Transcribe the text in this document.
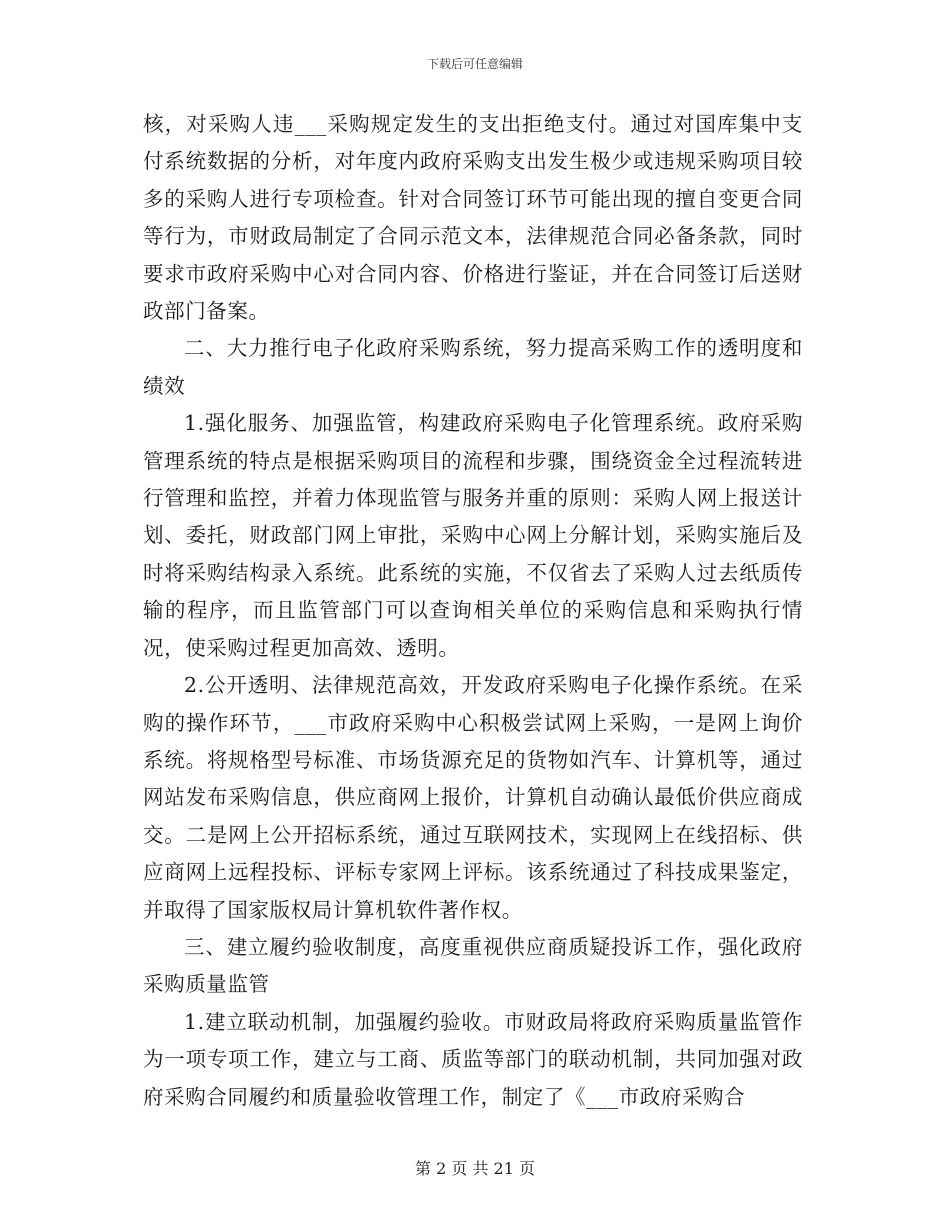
下载后可任意编辑

核，对采购人违___采购规定发生的支出拒绝支付。通过对国库集中支付系统数据的分析，对年度内政府采购支出发生极少或违规采购项目较多的采购人进行专项检查。针对合同签订环节可能出现的擅自变更合同等行为，市财政局制定了合同示范文本，法律规范合同必备条款，同时要求市政府采购中心对合同内容、价格进行鉴证，并在合同签订后送财政部门备案。

二、大力推行电子化政府采购系统，努力提高采购工作的透明度和绩效

1.强化服务、加强监管，构建政府采购电子化管理系统。政府采购管理系统的特点是根据采购项目的流程和步骤，围绕资金全过程流转进行管理和监控，并着力体现监管与服务并重的原则：采购人网上报送计划、委托，财政部门网上审批，采购中心网上分解计划，采购实施后及时将采购结构录入系统。此系统的实施，不仅省去了采购人过去纸质传输的程序，而且监管部门可以查询相关单位的采购信息和采购执行情况，使采购过程更加高效、透明。

2.公开透明、法律规范高效，开发政府采购电子化操作系统。在采购的操作环节，___市政府采购中心积极尝试网上采购，一是网上询价系统。将规格型号标准、市场货源充足的货物如汽车、计算机等，通过网站发布采购信息，供应商网上报价，计算机自动确认最低价供应商成交。二是网上公开招标系统，通过互联网技术，实现网上在线招标、供应商网上远程投标、评标专家网上评标。该系统通过了科技成果鉴定，并取得了国家版权局计算机软件著作权。

三、建立履约验收制度，高度重视供应商质疑投诉工作，强化政府采购质量监管

1.建立联动机制，加强履约验收。市财政局将政府采购质量监管作为一项专项工作，建立与工商、质监等部门的联动机制，共同加强对政府采购合同履约和质量验收管理工作，制定了《___市政府采购合

第 2 页 共 21 页
